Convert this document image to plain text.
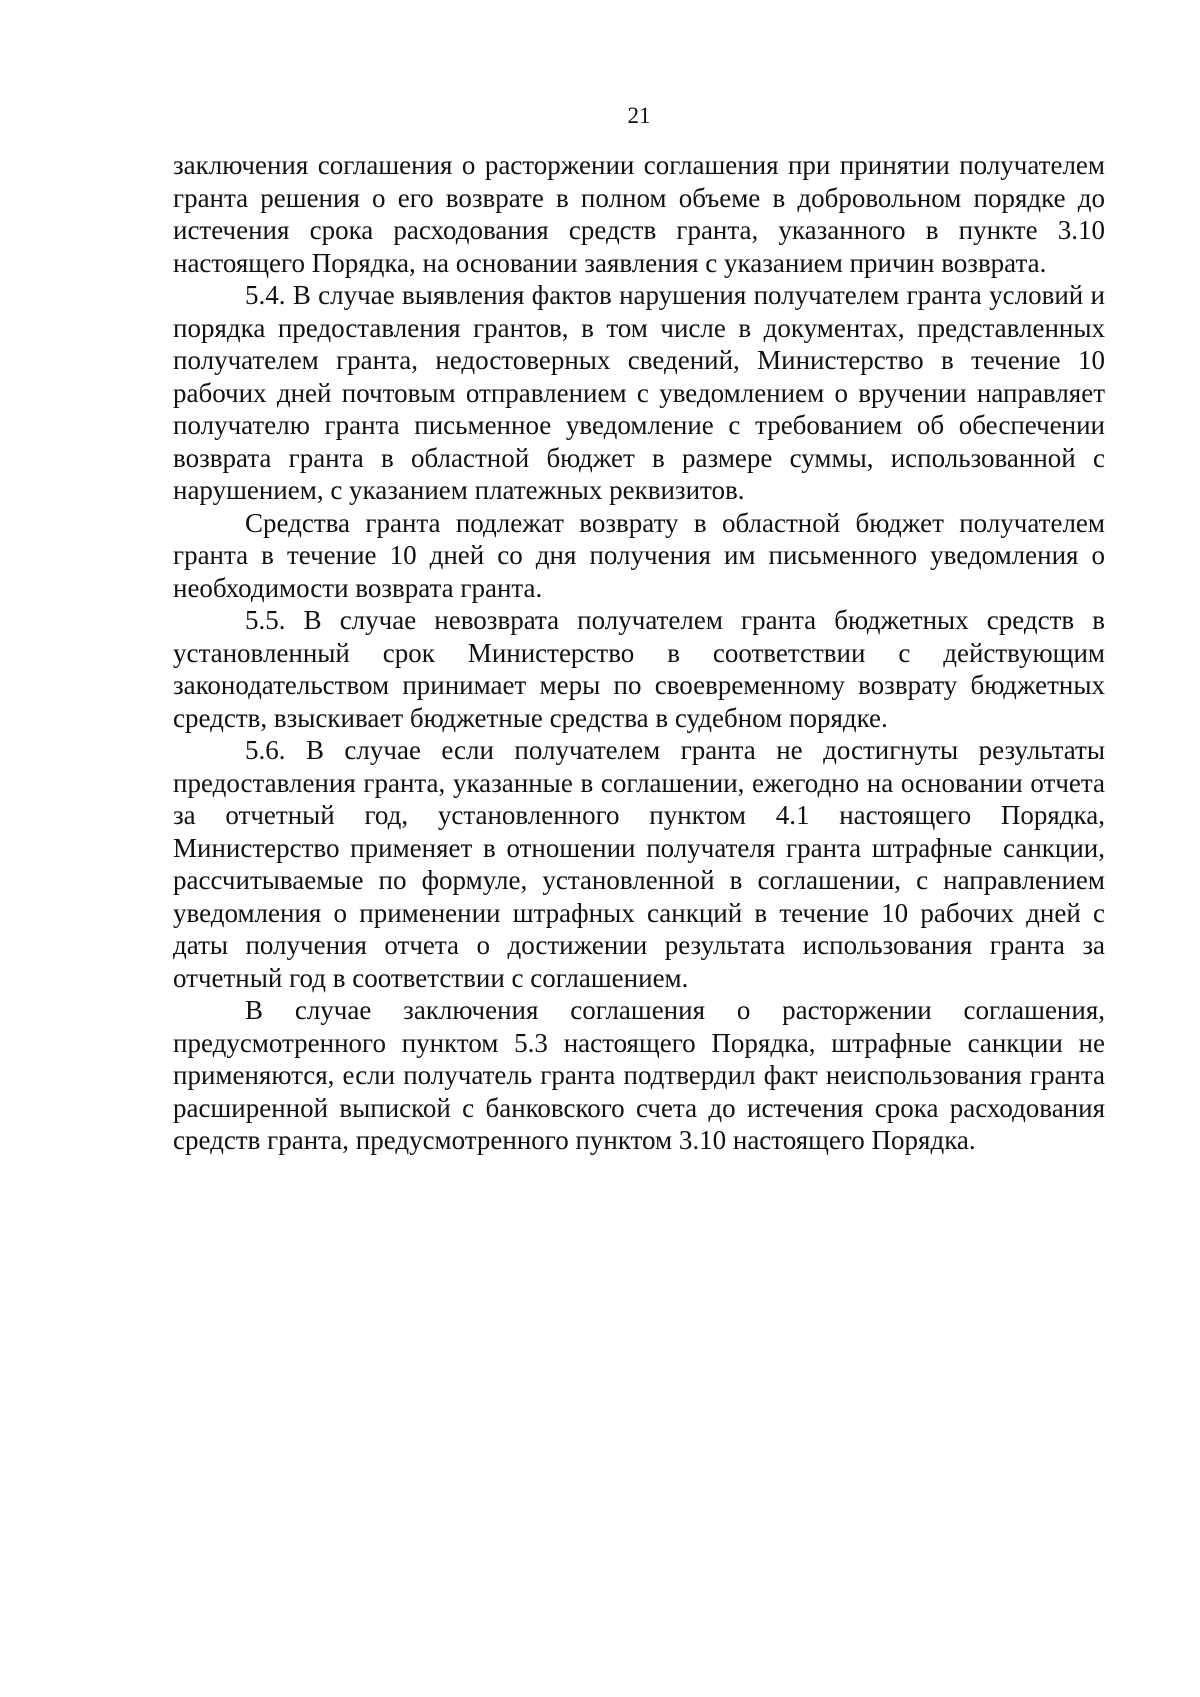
21

заключения соглашения о расторжении соглашения при принятии получателем гранта решения о его возврате в полном объеме в добровольном порядке до истечения срока расходования средств гранта, указанного в пункте 3.10 настоящего Порядка, на основании заявления с указанием причин возврата.

5.4. В случае выявления фактов нарушения получателем гранта условий и порядка предоставления грантов, в том числе в документах, представленных получателем гранта, недостоверных сведений, Министерство в течение 10 рабочих дней почтовым отправлением с уведомлением о вручении направляет получателю гранта письменное уведомление с требованием об обеспечении возврата гранта в областной бюджет в размере суммы, использованной с нарушением, с указанием платежных реквизитов.

Средства гранта подлежат возврату в областной бюджет получателем гранта в течение 10 дней со дня получения им письменного уведомления о необходимости возврата гранта.

5.5. В случае невозврата получателем гранта бюджетных средств в установленный срок Министерство в соответствии с действующим законодательством принимает меры по своевременному возврату бюджетных средств, взыскивает бюджетные средства в судебном порядке.

5.6. В случае если получателем гранта не достигнуты результаты предоставления гранта, указанные в соглашении, ежегодно на основании отчета за отчетный год, установленного пунктом 4.1 настоящего Порядка, Министерство применяет в отношении получателя гранта штрафные санкции, рассчитываемые по формуле, установленной в соглашении, с направлением уведомления о применении штрафных санкций в течение 10 рабочих дней с даты получения отчета о достижении результата использования гранта за отчетный год в соответствии с соглашением.

В случае заключения соглашения о расторжении соглашения, предусмотренного пунктом 5.3 настоящего Порядка, штрафные санкции не применяются, если получатель гранта подтвердил факт неиспользования гранта расширенной выпиской с банковского счета до истечения срока расходования средств гранта, предусмотренного пунктом 3.10 настоящего Порядка.
